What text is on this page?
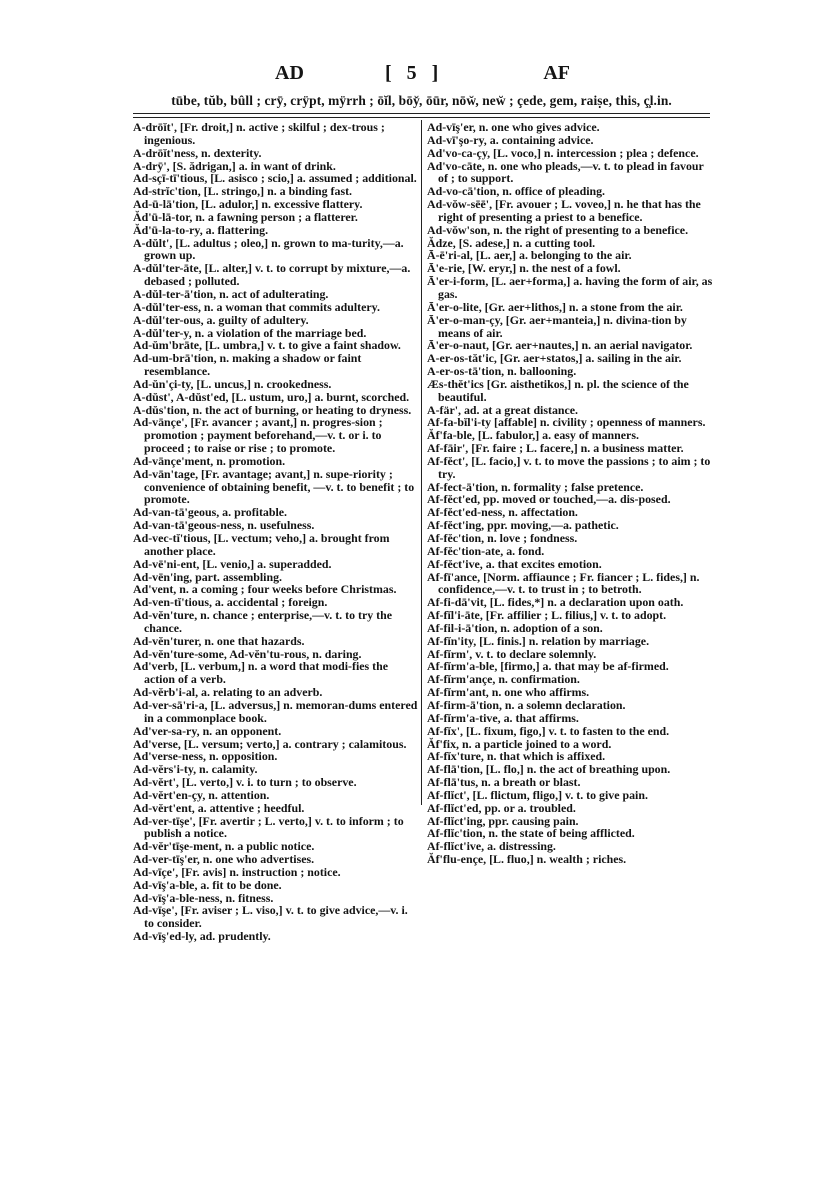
AD	[ 5 ]	AF
tūbe, tŭb, bûll ; crȳ, crÿpt, mÿrrh ; ōĭl, bōy̆, ōūr, nōw̆, new̆ ; çede, gem, raiṣe, this, ç̧l.in.

A-drōĭt', [Fr. droit,] n. active ; skilful ; dex-trous ; ingenious.

A-drōĭt'ness, n. dexterity.

A-drȳ', [S. ădrigan,] a. in want of drink.

Ad-sçī-tī'tious, [L. asisco ; scio,] a. assumed ; additional.

Ad-strĭc'tion, [L. stringo,] n. a binding fast.

Ad-ū-lā'tion, [L. adulor,] n. excessive flattery.

Ăd'ū-lā-tor, n. a fawning person ; a flatterer.

Ăd'ū-la-to-ry, a. flattering.

A-dŭlt', [L. adultus ; oleo,] n. grown to ma-turity,—a. grown up.

A-dŭl'ter-āte, [L. alter,] v. t. to corrupt by mixture,—a. debased ; polluted.

A-dŭl-ter-ā'tion, n. act of adulterating.

A-dŭl'ter-ess, n. a woman that commits adultery.

A-dŭl'ter-ous, a. guilty of adultery.

A-dŭl'ter-y, n. a violation of the marriage bed.

Ad-ŭm'brāte, [L. umbra,] v. t. to give a faint shadow.

Ad-um-brā'tion, n. making a shadow or faint resemblance.

Ad-ŭn'çi-ty, [L. uncus,] n. crookedness.

A-dŭst', A-dŭst'ed, [L. ustum, uro,] a. burnt, scorched.

A-dŭs'tion, n. the act of burning, or heating to dryness.

Ad-vānçe', [Fr. avancer ; avant,] n. progres-sion ; promotion ; payment beforehand,—v. t. or i. to proceed ; to raise or rise ; to promote.

Ad-vānçe'ment, n. promotion.

Ad-vān'tage, [Fr. avantage; avant,] n. supe-riority ; convenience of obtaining benefit, —v. t. to benefit ; to promote.

Ad-van-tā'geous, a. profitable.

Ad-van-tā'geous-ness, n. usefulness.

Ad-vec-tĭ'tious, [L. vectum; veho,] a. brought from another place.

Ad-vē'ni-ent, [L. venio,] a. superadded.

Ad-vēn'ing, part. assembling.

Ad'vent, n. a coming ; four weeks before Christmas.

Ad-ven-tĭ'tious, a. accidental ; foreign.

Ad-vĕn'ture, n. chance ; enterprise,—v. t. to try the chance.

Ad-vĕn'turer, n. one that hazards.

Ad-vĕn'ture-some, Ad-vĕn'tu-rous, n. daring.

Ad'verb, [L. verbum,] n. a word that modi-fies the action of a verb.

Ad-vĕrb'i-al, a. relating to an adverb.

Ad-ver-sā'ri-a, [L. adversus,] n. memoran-dums entered in a commonplace book.

Ad'ver-sa-ry, n. an opponent.

Ad'verse, [L. versum; verto,] a. contrary ; calamitous.

Ad'verse-ness, n. opposition.

Ad-vĕrs'i-ty, n. calamity.

Ad-vĕrt', [L. verto,] v. i. to turn ; to observe.

Ad-vĕrt'en-çy, n. attention.

Ad-vĕrt'ent, a. attentive ; heedful.

Ad-ver-tīşe', [Fr. avertir ; L. verto,] v. t. to inform ; to publish a notice.

Ad-vĕr'tīşe-ment, n. a public notice.

Ad-ver-tīş'er, n. one who advertises.

Ad-vīçe', [Fr. avis] n. instruction ; notice.

Ad-vīş'a-ble, a. fit to be done.

Ad-vīş'a-ble-ness, n. fitness.

Ad-vīşe', [Fr. aviser ; L. viso,] v. t. to give advice,—v. i. to consider.

Ad-vīş'ed-ly, ad. prudently.

Ad-vīş'er, n. one who gives advice.

Ad-vī'şo-ry, a. containing advice.

Ad'vo-ca-çy, [L. voco,] n. intercession ; plea ; defence.

Ad'vo-cāte, n. one who pleads,—v. t. to plead in favour of ; to support.

Ad-vo-cā'tion, n. office of pleading.

Ad-vŏw-sēē', [Fr. avouer ; L. voveo,] n. he that has the right of presenting a priest to a benefice.

Ad-vŏw'son, n. the right of presenting to a benefice.

Ădze, [S. adese,] n. a cutting tool.

Ā-ē'ri-al, [L. aer,] a. belonging to the air.

Ā'e-rie, [W. eryr,] n. the nest of a fowl.

Ā'er-i-form, [L. aer+forma,] a. having the form of air, as gas.

Ā'er-o-lite, [Gr. aer+lithos,] n. a stone from the air.

Ā'er-o-man-çy, [Gr. aer+manteia,] n. divina-tion by means of air.

Ā'er-o-naut, [Gr. aer+nautes,] n. an aerial navigator.

A-er-os-tăt'ic, [Gr. aer+statos,] a. sailing in the air.

A-er-os-tā'tion, n. ballooning.

Æs-thĕt'ics [Gr. aisthetikos,] n. pl. the science of the beautiful.

A-fär', ad. at a great distance.

Af-fa-bĭl'i-ty [affable] n. civility ; openness of manners.

Ăf'fa-ble, [L. fabulor,] a. easy of manners.

Af-fāir', [Fr. faire ; L. facere,] n. a business matter.

Af-fĕct', [L. facio,] v. t. to move the passions ; to aim ; to try.

Af-fect-ā'tion, n. formality ; false pretence.

Af-fĕct'ed, pp. moved or touched,—a. dis-posed.

Af-fĕct'ed-ness, n. affectation.

Af-fĕct'ing, ppr. moving,—a. pathetic.

Af-fĕc'tion, n. love ; fondness.

Af-fĕc'tion-ate, a. fond.

Af-fĕct'ive, a. that excites emotion.

Af-fī'ance, [Norm. affiaunce ; Fr. fiancer ; L. fides,] n. confidence,—v. t. to trust in ; to betroth.

Af-fi-dā'vit, [L. fides,*] n. a declaration upon oath.

Af-fĭl'i-āte, [Fr. affilier ; L. filius,] v. t. to adopt.

Af-fil-i-ā'tion, n. adoption of a son.

Af-fĭn'ity, [L. finis.] n. relation by marriage.

Af-fĭrm', v. t. to declare solemnly.

Af-fĭrm'a-ble, [firmo,] a. that may be af-firmed.

Af-fĭrm'ançe, n. confirmation.

Af-fĭrm'ant, n. one who affirms.

Af-firm-ā'tion, n. a solemn declaration.

Af-fĭrm'a-tive, a. that affirms.

Af-fĭx', [L. fixum, figo,] v. t. to fasten to the end.

Ăf'fix, n. a particle joined to a word.

Af-fĭx'ture, n. that which is affixed.

Af-flā'tion, [L. flo,] n. the act of breathing upon.

Af-flā'tus, n. a breath or blast.

Af-flĭct', [L. flictum, fligo,] v. t. to give pain.

Af-flĭct'ed, pp. or a. troubled.

Af-flĭct'ing, ppr. causing pain.

Af-flĭc'tion, n. the state of being afflicted.

Af-flĭct'ive, a. distressing.

Ăf'flu-ençe, [L. fluo,] n. wealth ; riches.
